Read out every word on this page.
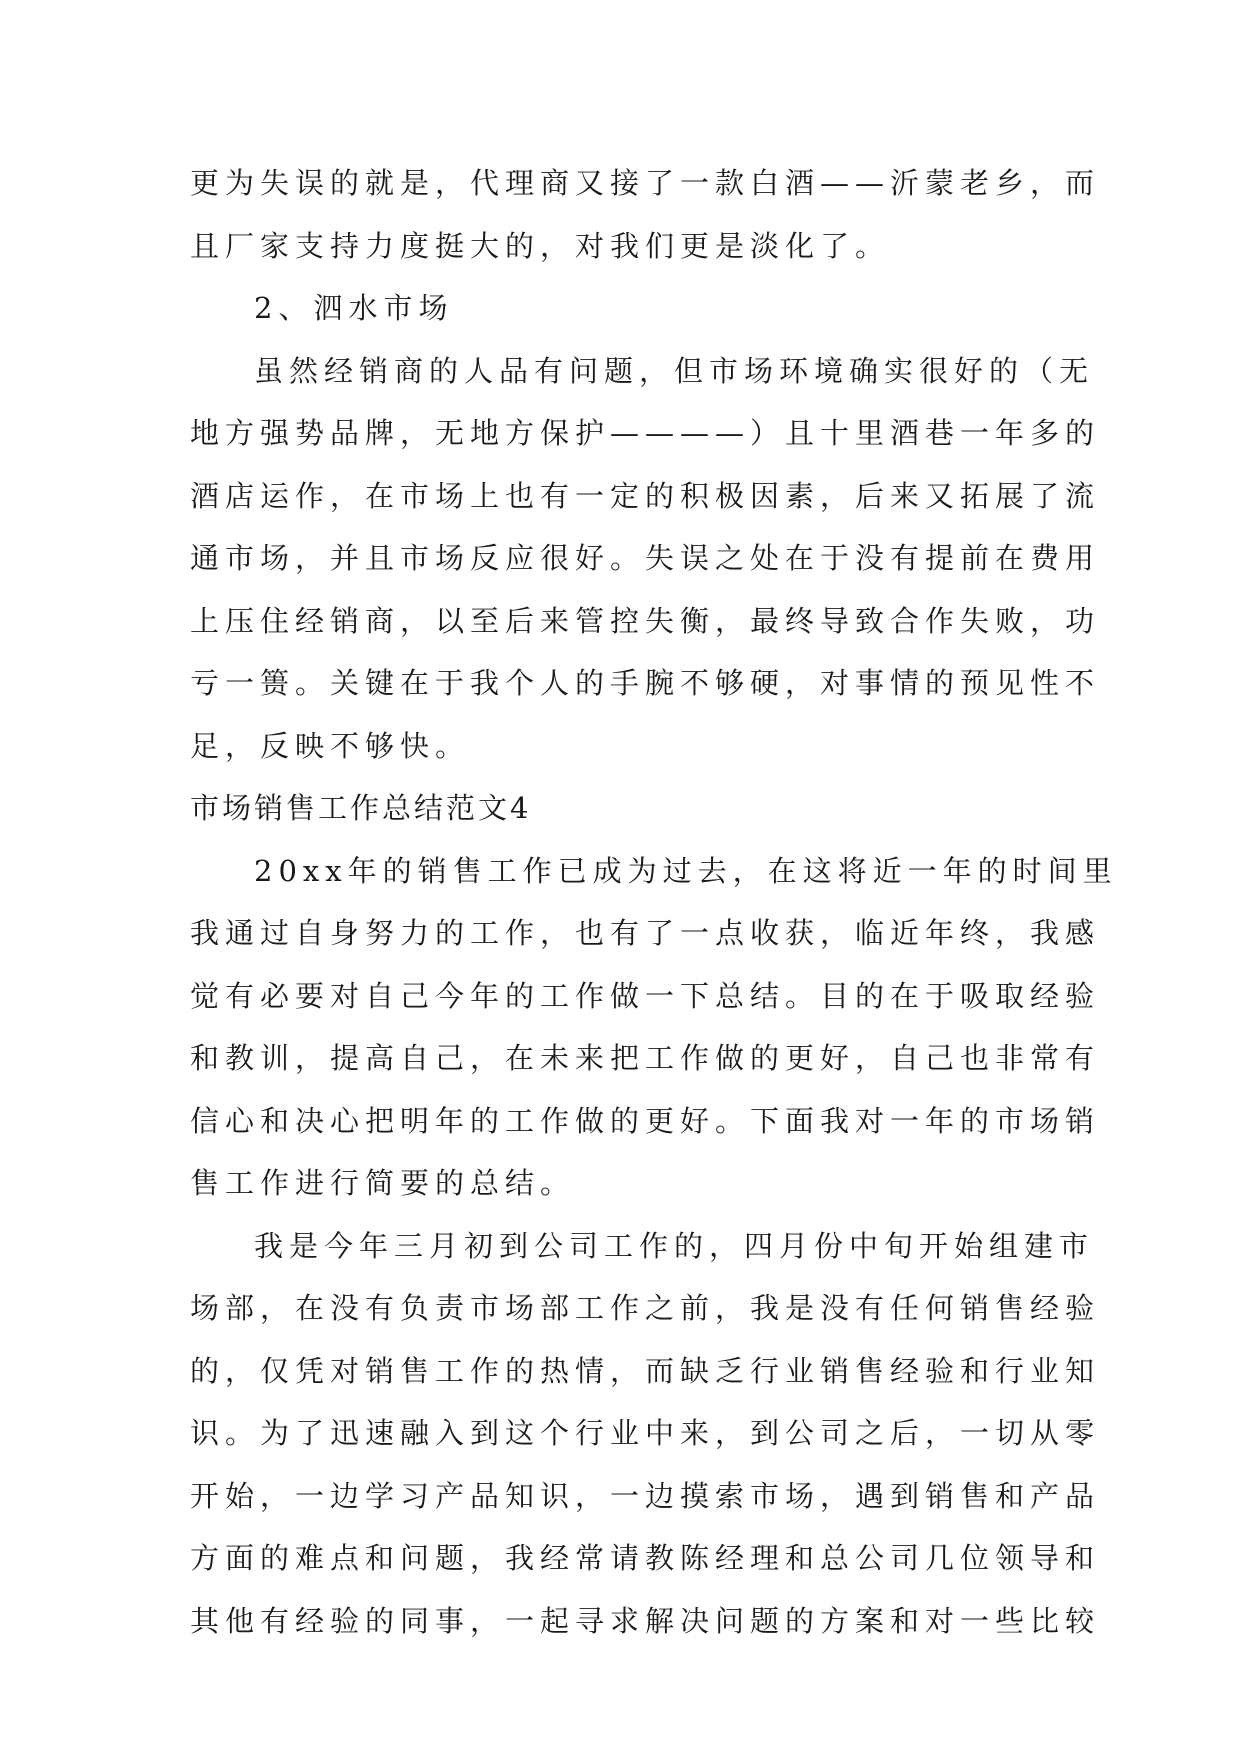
更为失误的就是，代理商又接了一款白酒——沂蒙老乡，而
且厂家支持力度挺大的，对我们更是淡化了。
2、泗水市场
虽然经销商的人品有问题，但市场环境确实很好的（无
地方强势品牌，无地方保护————）且十里酒巷一年多的
酒店运作，在市场上也有一定的积极因素，后来又拓展了流
通市场，并且市场反应很好。失误之处在于没有提前在费用
上压住经销商，以至后来管控失衡，最终导致合作失败，功
亏一篑。关键在于我个人的手腕不够硬，对事情的预见性不
足，反映不够快。
市场销售工作总结范文4
20xx年的销售工作已成为过去，在这将近一年的时间里
我通过自身努力的工作，也有了一点收获，临近年终，我感
觉有必要对自己今年的工作做一下总结。目的在于吸取经验
和教训，提高自己，在未来把工作做的更好，自己也非常有
信心和决心把明年的工作做的更好。下面我对一年的市场销
售工作进行简要的总结。
我是今年三月初到公司工作的，四月份中旬开始组建市
场部，在没有负责市场部工作之前，我是没有任何销售经验
的，仅凭对销售工作的热情，而缺乏行业销售经验和行业知
识。为了迅速融入到这个行业中来，到公司之后，一切从零
开始，一边学习产品知识，一边摸索市场，遇到销售和产品
方面的难点和问题，我经常请教陈经理和总公司几位领导和
其他有经验的同事，一起寻求解决问题的方案和对一些比较
